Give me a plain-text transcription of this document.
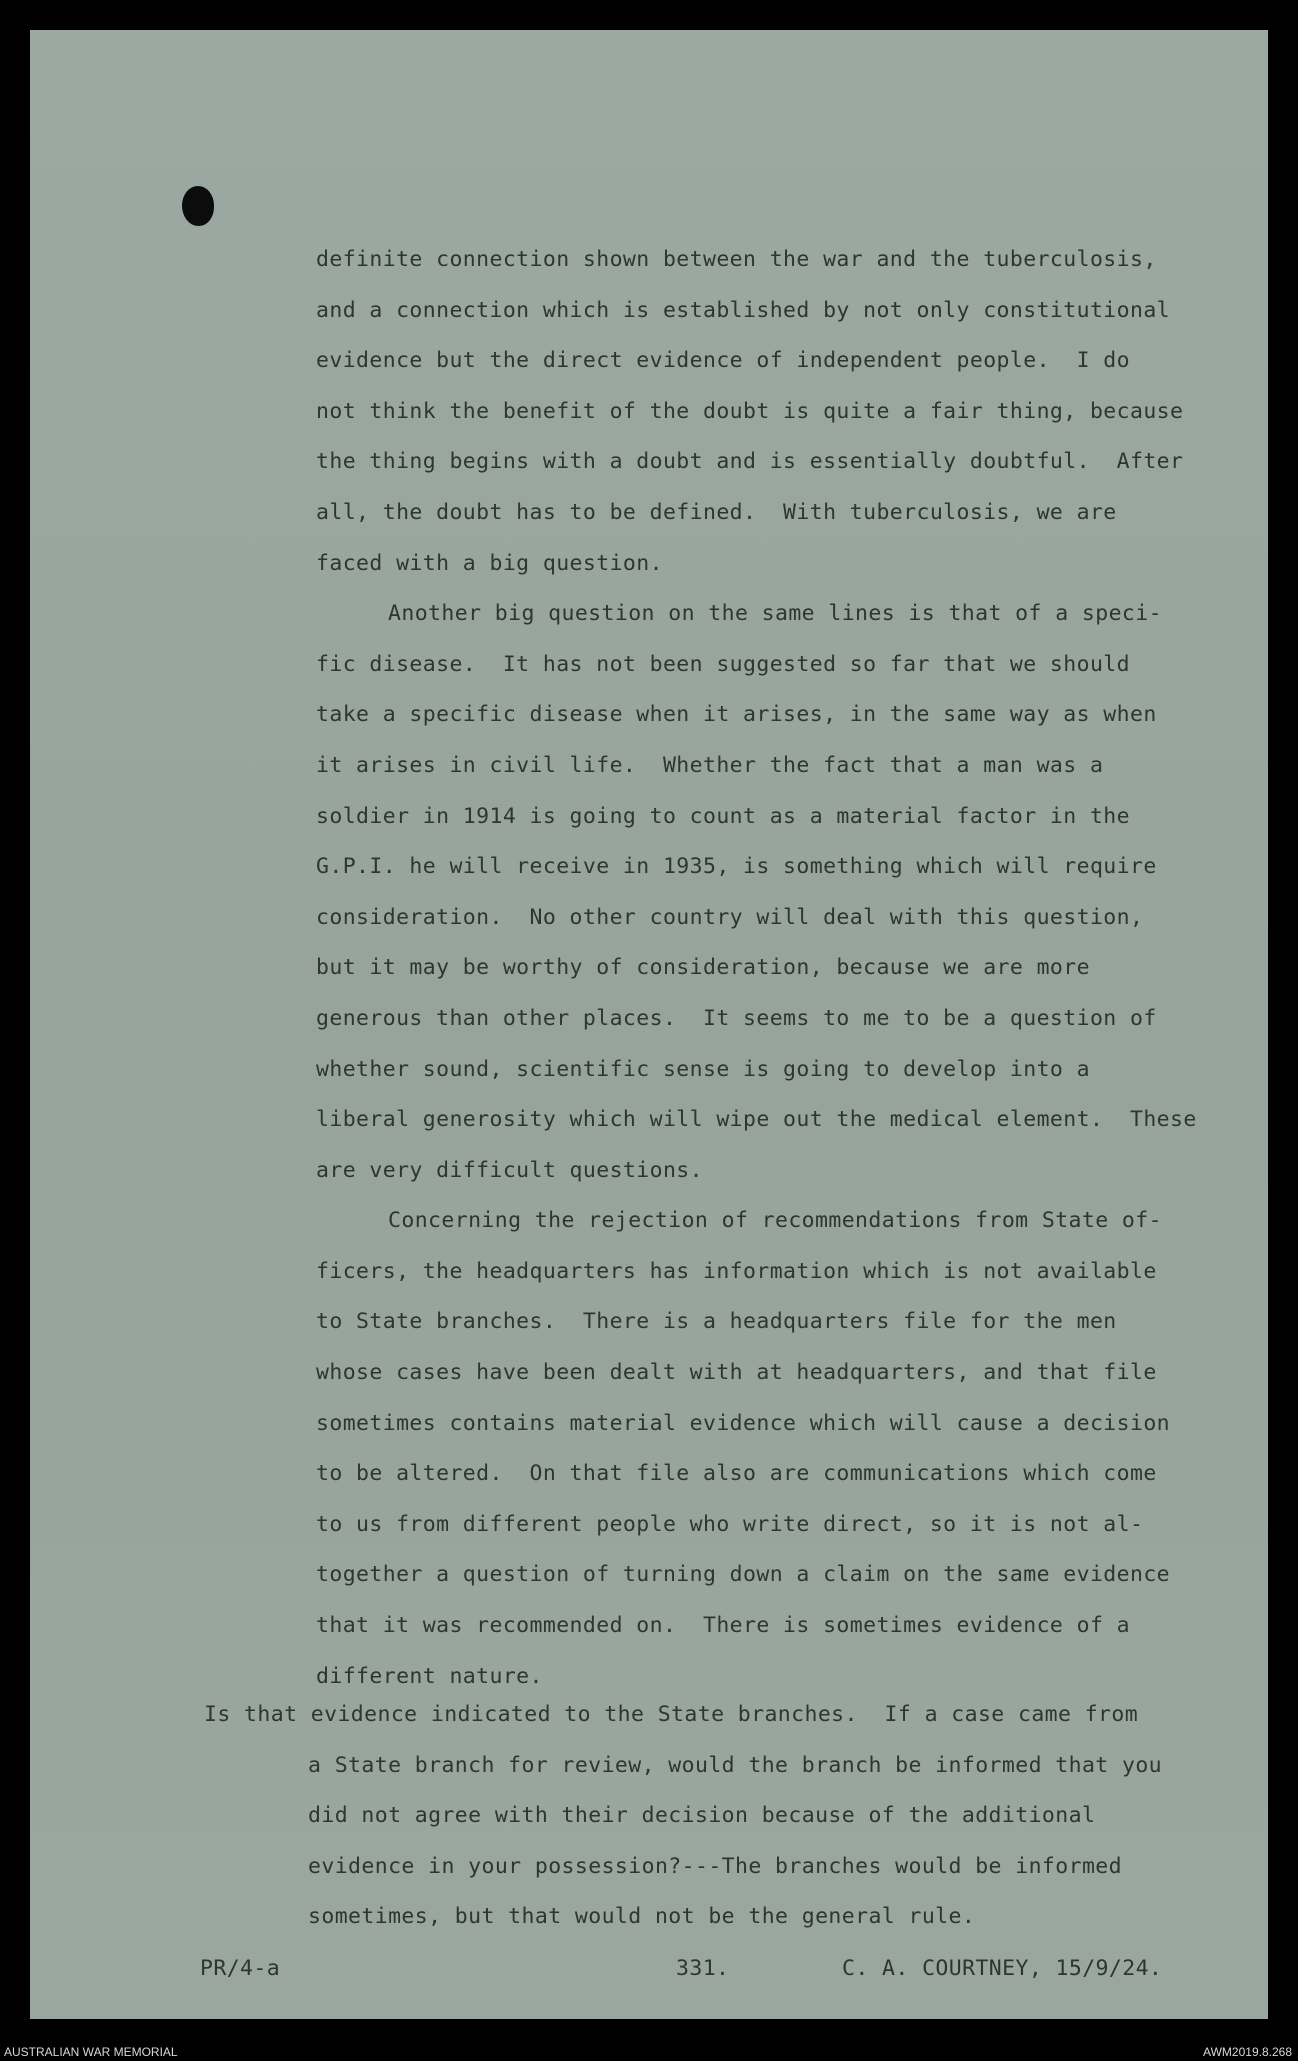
definite connection shown between the war and the tuberculosis,
and a connection which is established by not only constitutional
evidence but the direct evidence of independent people.  I do
not think the benefit of the doubt is quite a fair thing, because
the thing begins with a doubt and is essentially doubtful.  After
all, the doubt has to be defined.  With tuberculosis, we are
faced with a big question.
Another big question on the same lines is that of a speci-
fic disease.  It has not been suggested so far that we should
take a specific disease when it arises, in the same way as when
it arises in civil life.  Whether the fact that a man was a
soldier in 1914 is going to count as a material factor in the
G.P.I. he will receive in 1935, is something which will require
consideration.  No other country will deal with this question,
but it may be worthy of consideration, because we are more
generous than other places.  It seems to me to be a question of
whether sound, scientific sense is going to develop into a
liberal generosity which will wipe out the medical element.  These
are very difficult questions.
Concerning the rejection of recommendations from State of-
ficers, the headquarters has information which is not available
to State branches.  There is a headquarters file for the men
whose cases have been dealt with at headquarters, and that file
sometimes contains material evidence which will cause a decision
to be altered.  On that file also are communications which come
to us from different people who write direct, so it is not al-
together a question of turning down a claim on the same evidence
that it was recommended on.  There is sometimes evidence of a
different nature.
Is that evidence indicated to the State branches.  If a case came from
a State branch for review, would the branch be informed that you
did not agree with their decision because of the additional
evidence in your possession?---The branches would be informed
sometimes, but that would not be the general rule.
PR/4-a	331.	C. A. COURTNEY, 15/9/24.
AUSTRALIAN WAR MEMORIAL	AWM2019.8.268
